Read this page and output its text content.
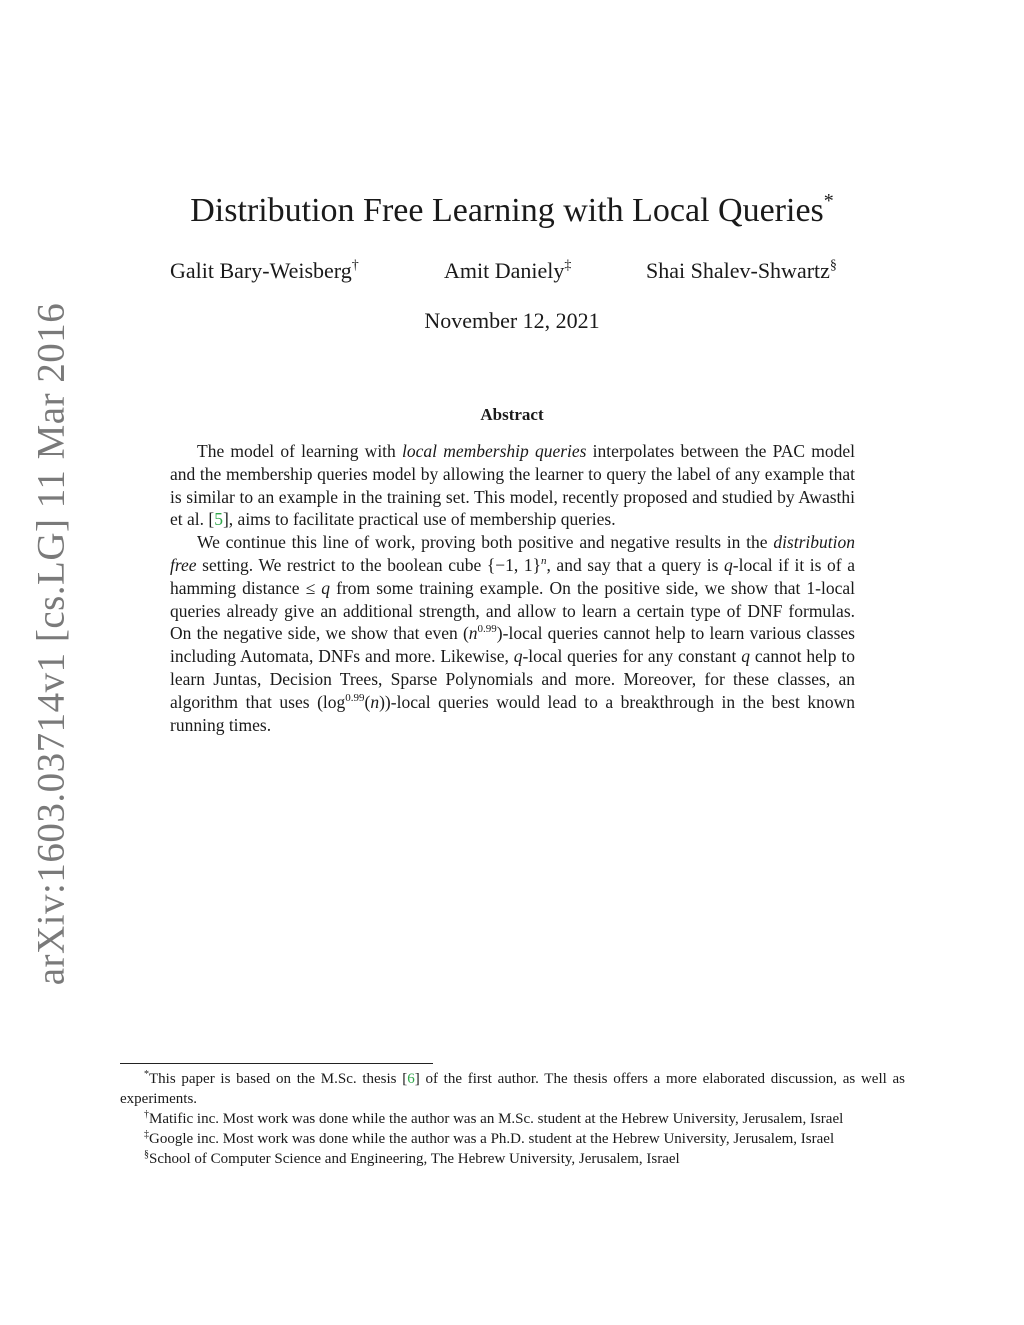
arXiv:1603.03714v1 [cs.LG] 11 Mar 2016
Distribution Free Learning with Local Queries*
Galit Bary-Weisberg†	Amit Daniely‡	Shai Shalev-Shwartz§
November 12, 2021
Abstract

The model of learning with local membership queries interpolates between the PAC model and the membership queries model by allowing the learner to query the label of any example that is similar to an example in the training set. This model, recently proposed and studied by Awasthi et al. [5], aims to facilitate practical use of membership queries.

We continue this line of work, proving both positive and negative results in the distribution free setting. We restrict to the boolean cube {−1, 1}$^n$, and say that a query is q-local if it is of a hamming distance ≤ q from some training example. On the positive side, we show that 1-local queries already give an additional strength, and allow to learn a certain type of DNF formulas. On the negative side, we show that even $(n^{0.99})$-local queries cannot help to learn various classes including Automata, DNFs and more. Likewise, q-local queries for any constant q cannot help to learn Juntas, Decision Trees, Sparse Polynomials and more. Moreover, for these classes, an algorithm that uses $(\log^{0.99}(n))$-local queries would lead to a breakthrough in the best known running times.

*This paper is based on the M.Sc. thesis [6] of the first author. The thesis offers a more elaborated discussion, as well as experiments.

†Matific inc. Most work was done while the author was an M.Sc. student at the Hebrew University, Jerusalem, Israel

‡Google inc. Most work was done while the author was a Ph.D. student at the Hebrew University, Jerusalem, Israel

§School of Computer Science and Engineering, The Hebrew University, Jerusalem, Israel
